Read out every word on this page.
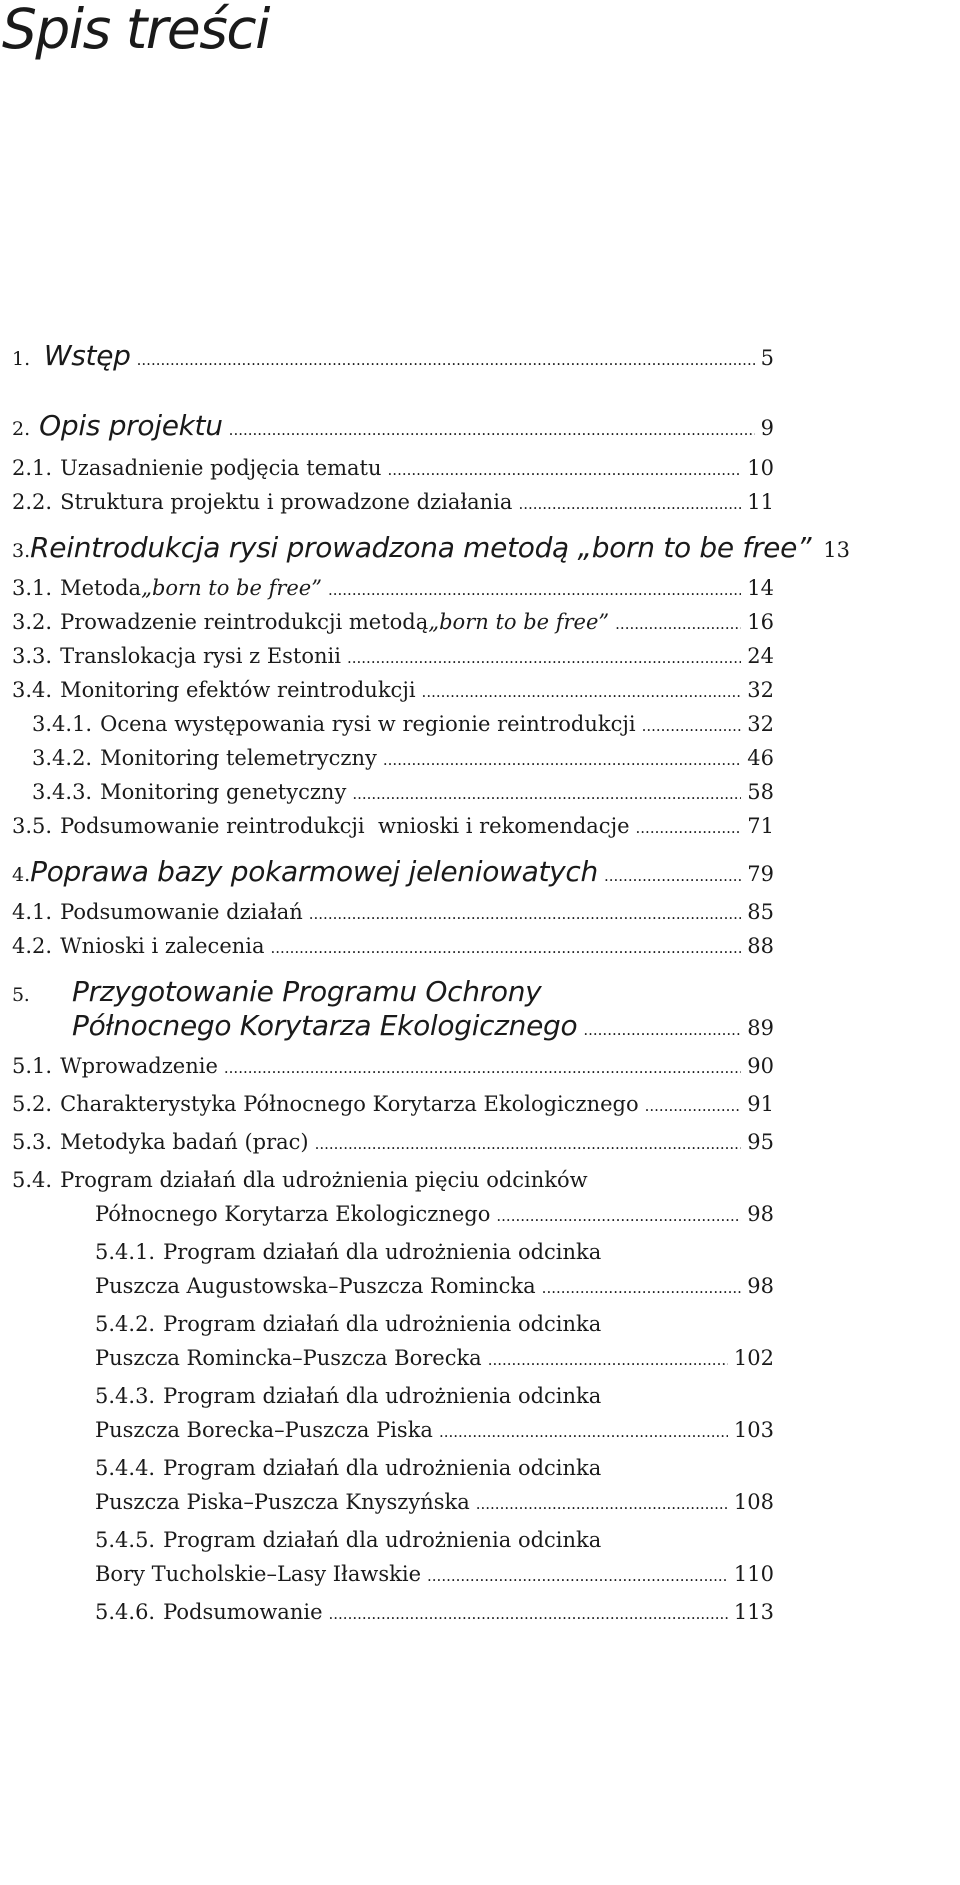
Spis treści
1. Wstęp .....	5
2. Opis projektu .....	9
2.1. Uzasadnienie podjęcia tematu .....	10
2.2. Struktura projektu i prowadzone działania .....	11
3. Reintrodukcja rysi prowadzona metodą „born to be free” 13
3.1. Metoda „born to be free” .....	14
3.2. Prowadzenie reintrodukcji metodą „born to be free” .....	16
3.3. Translokacja rysi z Estonii .....	24
3.4. Monitoring efektów reintrodukcji .....	32
3.4.1. Ocena występowania rysi w regionie reintrodukcji .....	32
3.4.2. Monitoring telemetryczny .....	46
3.4.3. Monitoring genetyczny .....	58
3.5. Podsumowanie reintrodukcji  wnioski i rekomendacje .....	71
4. Poprawa bazy pokarmowej jeleniowatych .....	79
4.1. Podsumowanie działań .....	85
4.2. Wnioski i zalecenia .....	88
5. Przygotowanie Programu Ochrony
Północnego Korytarza Ekologicznego .....	89
5.1. Wprowadzenie .....	90
5.2. Charakterystyka Północnego Korytarza Ekologicznego .....	91
5.3. Metodyka badań (prac) .....	95
5.4. Program działań dla udrożnienia pięciu odcinków
Północnego Korytarza Ekologicznego .....	98
5.4.1. Program działań dla udrożnienia odcinka
Puszcza Augustowska–Puszcza Romincka .....	98
5.4.2. Program działań dla udrożnienia odcinka
Puszcza Romincka–Puszcza Borecka .....	102
5.4.3. Program działań dla udrożnienia odcinka
Puszcza Borecka–Puszcza Piska .....	103
5.4.4. Program działań dla udrożnienia odcinka
Puszcza Piska–Puszcza Knyszyńska .....	108
5.4.5. Program działań dla udrożnienia odcinka
Bory Tucholskie–Lasy Iławskie .....	110
5.4.6. Podsumowanie .....	113
